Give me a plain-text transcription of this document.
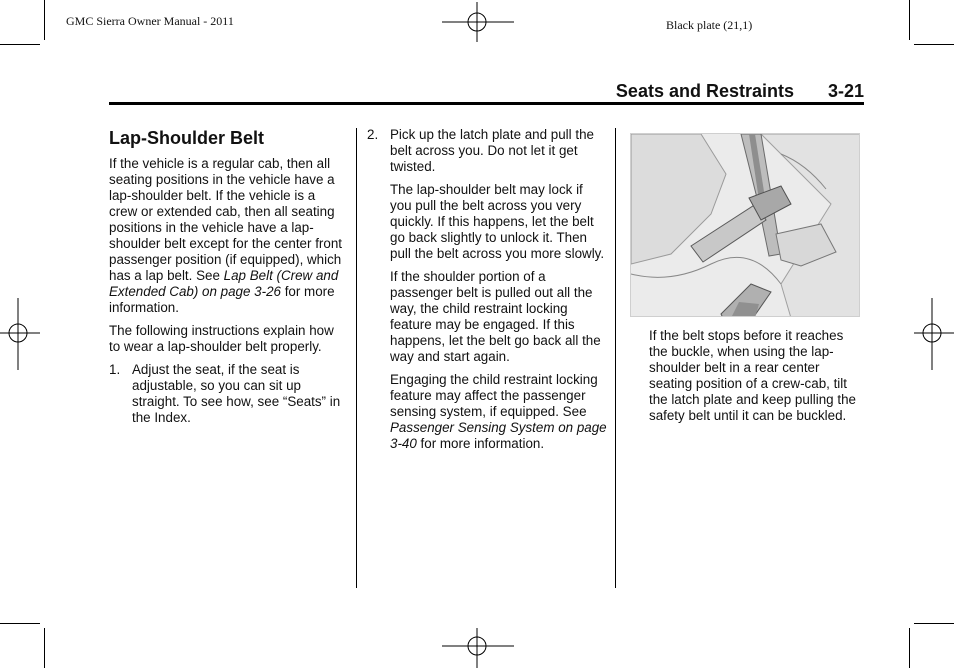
GMC Sierra Owner Manual - 2011	Black plate (21,1)
Seats and Restraints 3-21
Lap-Shoulder Belt

If the vehicle is a regular cab, then all seating positions in the vehicle have a lap-shoulder belt. If the vehicle is a crew or extended cab, then all seating positions in the vehicle have a lap-shoulder belt except for the center front passenger position (if equipped), which has a lap belt. See Lap Belt (Crew and Extended Cab) on page 3-26 for more information.

The following instructions explain how to wear a lap-shoulder belt properly.

1. Adjust the seat, if the seat is adjustable, so you can sit up straight. To see how, see “Seats” in the Index.
2. Pick up the latch plate and pull the belt across you. Do not let it get twisted.

The lap-shoulder belt may lock if you pull the belt across you very quickly. If this happens, let the belt go back slightly to unlock it. Then pull the belt across you more slowly.

If the shoulder portion of a passenger belt is pulled out all the way, the child restraint locking feature may be engaged. If this happens, let the belt go back all the way and start again.

Engaging the child restraint locking feature may affect the passenger sensing system, if equipped. See Passenger Sensing System on page 3-40 for more information.

If the belt stops before it reaches the buckle, when using the lap-shoulder belt in a rear center seating position of a crew-cab, tilt the latch plate and keep pulling the safety belt until it can be buckled.
